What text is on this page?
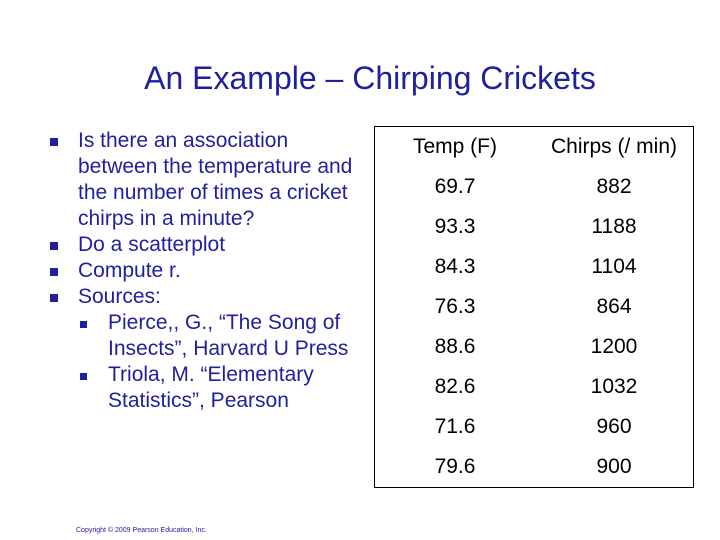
An Example – Chirping Crickets
Is there an association between the temperature and the number of times a cricket chirps in a minute?
Do a scatterplot
Compute r.
Sources:
Pierce,, G., “The Song of Insects”, Harvard U Press
Triola, M. “Elementary Statistics”, Pearson
Temp (F)	Chirps (/ min)
69.7	882
93.3	1188
84.3	1104
76.3	864
88.6	1200
82.6	1032
71.6	960
79.6	900
Copyright © 2009 Pearson Education, Inc.
